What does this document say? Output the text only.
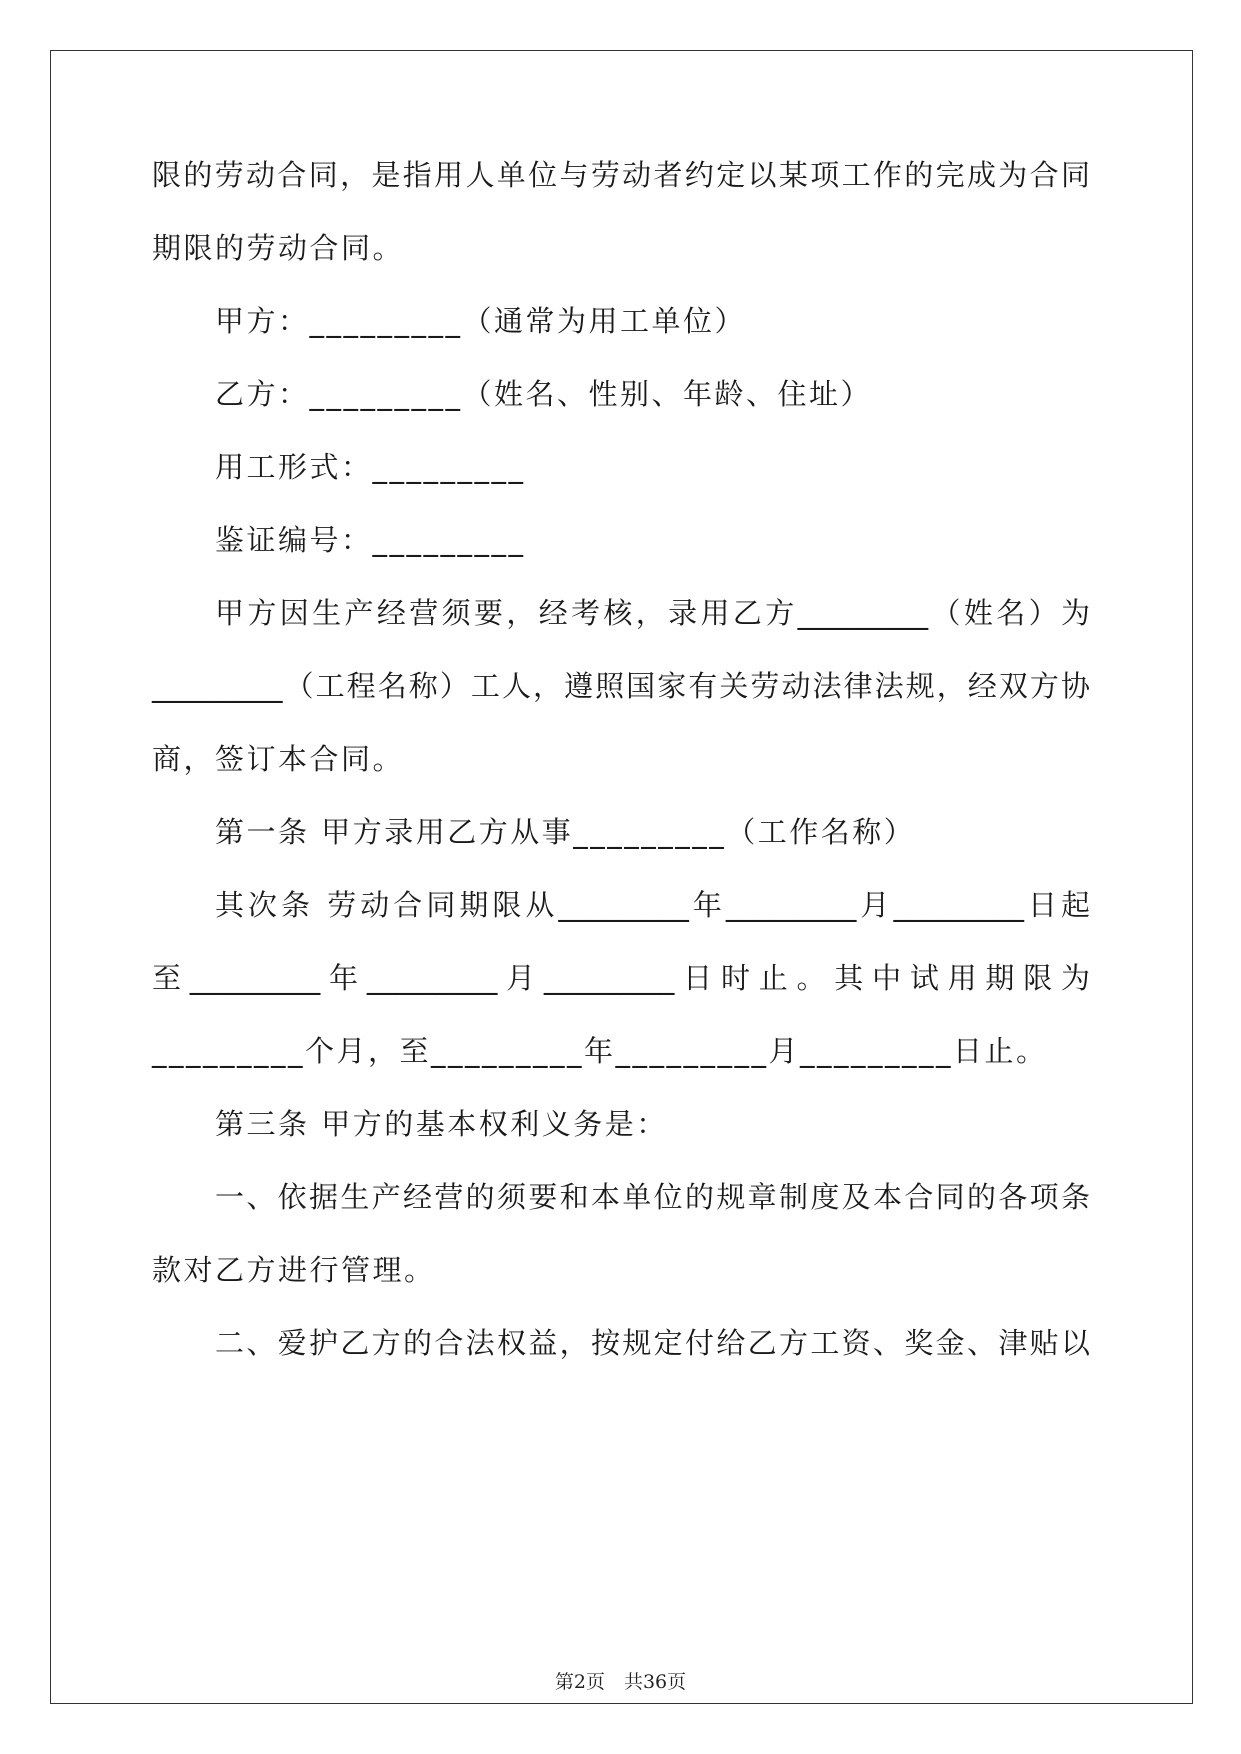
限的劳动合同，是指用人单位与劳动者约定以某项工作的完成为合同
期限的劳动合同。
甲方：_________（通常为用工单位）
乙方：_________（姓名、性别、年龄、住址）
用工形式：_________
鉴证编号：_________
甲方因生产经营须要，经考核，录用乙方_________（姓名）为
_________（工程名称）工人，遵照国家有关劳动法律法规，经双方协
商，签订本合同。
第一条 甲方录用乙方从事_________（工作名称）
其次条 劳动合同期限从_________年_________月_________日起
至_________年_________月_________日时止。其中试用期限为
_________个月，至_________年_________月_________日止。
第三条 甲方的基本权利义务是：
一、依据生产经营的须要和本单位的规章制度及本合同的各项条
款对乙方进行管理。
二、爱护乙方的合法权益，按规定付给乙方工资、奖金、津贴以
第2页　共36页
